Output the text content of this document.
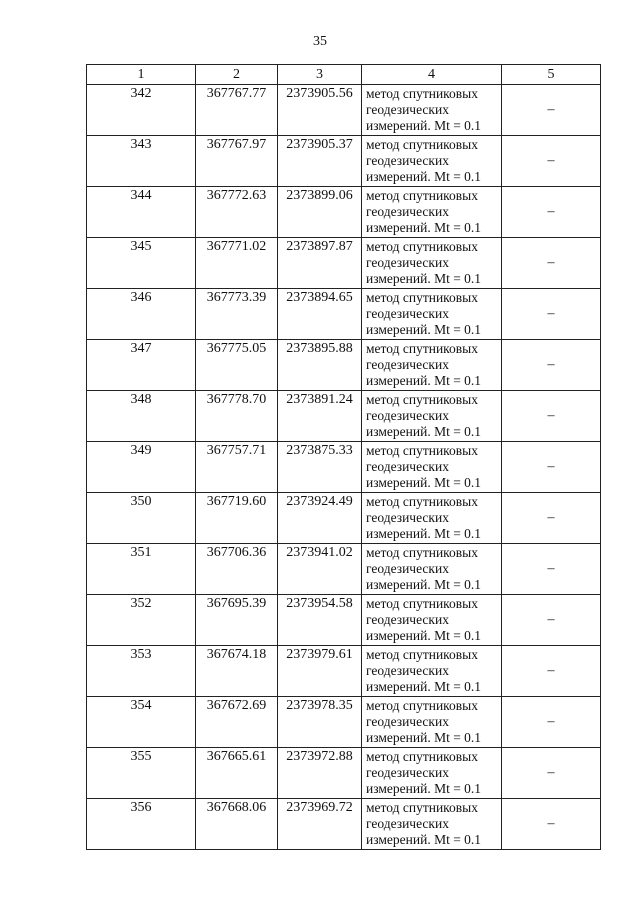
35
1	2	3	4	5
342	367767.77	2373905.56	метод спутниковых
геодезических
измерений. Mt = 0.1	–
343	367767.97	2373905.37	метод спутниковых
геодезических
измерений. Mt = 0.1	–
344	367772.63	2373899.06	метод спутниковых
геодезических
измерений. Mt = 0.1	–
345	367771.02	2373897.87	метод спутниковых
геодезических
измерений. Mt = 0.1	–
346	367773.39	2373894.65	метод спутниковых
геодезических
измерений. Mt = 0.1	–
347	367775.05	2373895.88	метод спутниковых
геодезических
измерений. Mt = 0.1	–
348	367778.70	2373891.24	метод спутниковых
геодезических
измерений. Mt = 0.1	–
349	367757.71	2373875.33	метод спутниковых
геодезических
измерений. Mt = 0.1	–
350	367719.60	2373924.49	метод спутниковых
геодезических
измерений. Mt = 0.1	–
351	367706.36	2373941.02	метод спутниковых
геодезических
измерений. Mt = 0.1	–
352	367695.39	2373954.58	метод спутниковых
геодезических
измерений. Mt = 0.1	–
353	367674.18	2373979.61	метод спутниковых
геодезических
измерений. Mt = 0.1	–
354	367672.69	2373978.35	метод спутниковых
геодезических
измерений. Mt = 0.1	–
355	367665.61	2373972.88	метод спутниковых
геодезических
измерений. Mt = 0.1	–
356	367668.06	2373969.72	метод спутниковых
геодезических
измерений. Mt = 0.1	–
